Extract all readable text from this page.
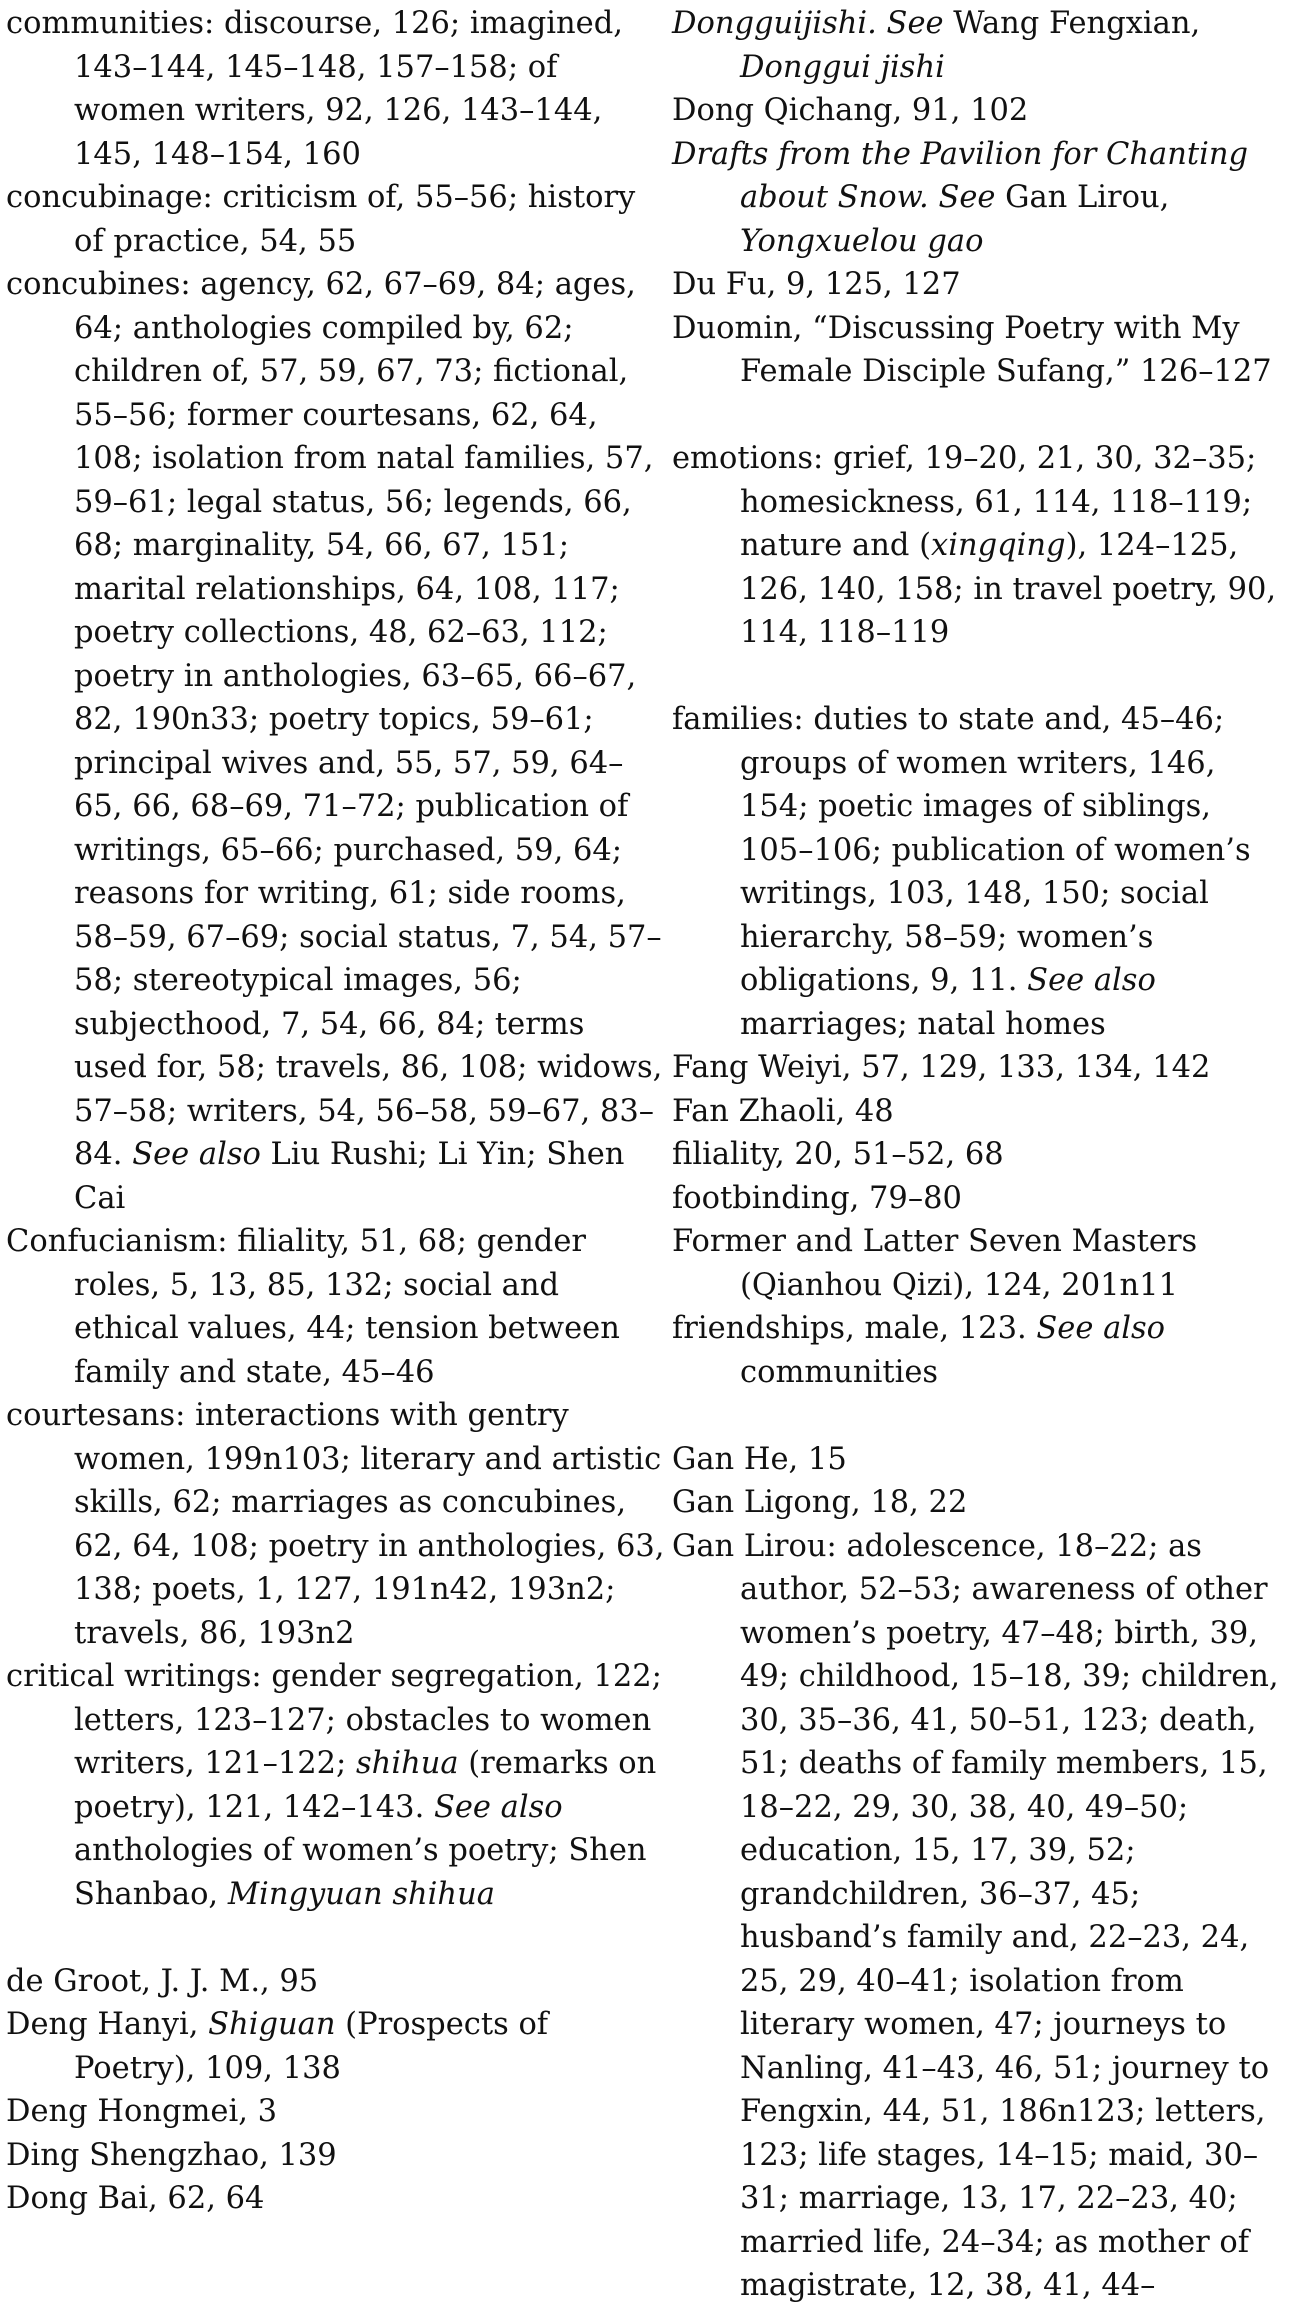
communities: discourse, 126; imagined, 143–144, 145–148, 157–158; of women writers, 92, 126, 143–144, 145, 148–154, 160
concubinage: criticism of, 55–56; history of practice, 54, 55
concubines: agency, 62, 67–69, 84; ages, 64; anthologies compiled by, 62; children of, 57, 59, 67, 73; fictional, 55–56; former courtesans, 62, 64, 108; isolation from natal families, 57, 59–61; legal status, 56; legends, 66, 68; marginality, 54, 66, 67, 151; marital relationships, 64, 108, 117; poetry collections, 48, 62–63, 112; poetry in anthologies, 63–65, 66–67, 82, 190n33; poetry topics, 59–61; principal wives and, 55, 57, 59, 64–65, 66, 68–69, 71–72; publication of writings, 65–66; purchased, 59, 64; reasons for writing, 61; side rooms, 58–59, 67–69; social status, 7, 54, 57–58; stereotypical images, 56; subjecthood, 7, 54, 66, 84; terms used for, 58; travels, 86, 108; widows, 57–58; writers, 54, 56–58, 59–67, 83–84. See also Liu Rushi; Li Yin; Shen Cai
Confucianism: filiality, 51, 68; gender roles, 5, 13, 85, 132; social and ethical values, 44; tension between family and state, 45–46
courtesans: interactions with gentry women, 199n103; literary and artistic skills, 62; marriages as concubines, 62, 64, 108; poetry in anthologies, 63, 138; poets, 1, 127, 191n42, 193n2; travels, 86, 193n2
critical writings: gender segregation, 122; letters, 123–127; obstacles to women writers, 121–122; shihua (remarks on poetry), 121, 142–143. See also anthologies of women’s poetry; Shen Shanbao, Mingyuan shihua
de Groot, J. J. M., 95
Deng Hanyi, Shiguan (Prospects of Poetry), 109, 138
Deng Hongmei, 3
Ding Shengzhao, 139
Dong Bai, 62, 64
Dongguijishi. See Wang Fengxian, Donggui jishi
Dong Qichang, 91, 102
Drafts from the Pavilion for Chanting about Snow. See Gan Lirou, Yongxuelou gao
Du Fu, 9, 125, 127
Duomin, “Discussing Poetry with My Female Disciple Sufang,” 126–127
emotions: grief, 19–20, 21, 30, 32–35; homesickness, 61, 114, 118–119; nature and (xingqing), 124–125, 126, 140, 158; in travel poetry, 90, 114, 118–119
families: duties to state and, 45–46; groups of women writers, 146, 154; poetic images of siblings, 105–106; publication of women’s writings, 103, 148, 150; social hierarchy, 58–59; women’s obligations, 9, 11. See also marriages; natal homes
Fang Weiyi, 57, 129, 133, 134, 142
Fan Zhaoli, 48
filiality, 20, 51–52, 68
footbinding, 79–80
Former and Latter Seven Masters (Qianhou Qizi), 124, 201n11
friendships, male, 123. See also communities
Gan He, 15
Gan Ligong, 18, 22
Gan Lirou: adolescence, 18–22; as author, 52–53; awareness of other women’s poetry, 47–48; birth, 39, 49; childhood, 15–18, 39; children, 30, 35–36, 41, 50–51, 123; death, 51; deaths of family members, 15, 18–22, 29, 30, 38, 40, 49–50; education, 15, 17, 39, 52; grandchildren, 36–37, 45; husband’s family and, 22–23, 24, 25, 29, 40–41; isolation from literary women, 47; journeys to Nanling, 41–43, 46, 51; journey to Fengxin, 44, 51, 186n123; letters, 123; life stages, 14–15; maid, 30–31; marriage, 13, 17, 22–23, 40; married life, 24–34; as mother of magistrate, 12, 38, 41, 44–
